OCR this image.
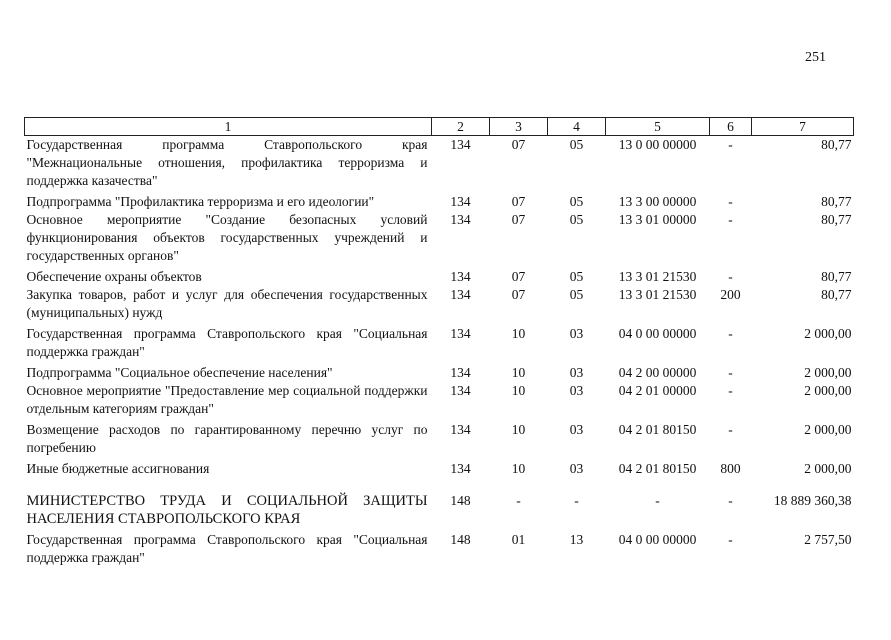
251
1	2	3	4	5	6	7
Государственная программа Ставропольского края "Межнациональные отношения, профилактика терроризма и поддержка казачества"	134	07	05	13 0 00 00000	-	80,77
Подпрограмма "Профилактика терроризма и его идеологии"	134	07	05	13 3 00 00000	-	80,77
Основное мероприятие "Создание безопасных условий функционирования объектов государственных учреждений и государственных органов"	134	07	05	13 3 01 00000	-	80,77
Обеспечение охраны объектов	134	07	05	13 3 01 21530	-	80,77
Закупка товаров, работ и услуг для обеспечения государственных (муниципальных) нужд	134	07	05	13 3 01 21530	200	80,77
Государственная программа Ставропольского края "Социальная поддержка граждан"	134	10	03	04 0 00 00000	-	2 000,00
Подпрограмма "Социальное обеспечение населения"	134	10	03	04 2 00 00000	-	2 000,00
Основное мероприятие "Предоставление мер социальной поддержки отдельным категориям граждан"	134	10	03	04 2 01 00000	-	2 000,00
Возмещение расходов по гарантированному перечню услуг по погребению	134	10	03	04 2 01 80150	-	2 000,00
Иные бюджетные ассигнования	134	10	03	04 2 01 80150	800	2 000,00
МИНИСТЕРСТВО ТРУДА И СОЦИАЛЬНОЙ ЗАЩИТЫ НАСЕЛЕНИЯ СТАВРОПОЛЬСКОГО КРАЯ	148	-	-	-	-	18 889 360,38
Государственная программа Ставропольского края "Социальная поддержка граждан"	148	01	13	04 0 00 00000	-	2 757,50
